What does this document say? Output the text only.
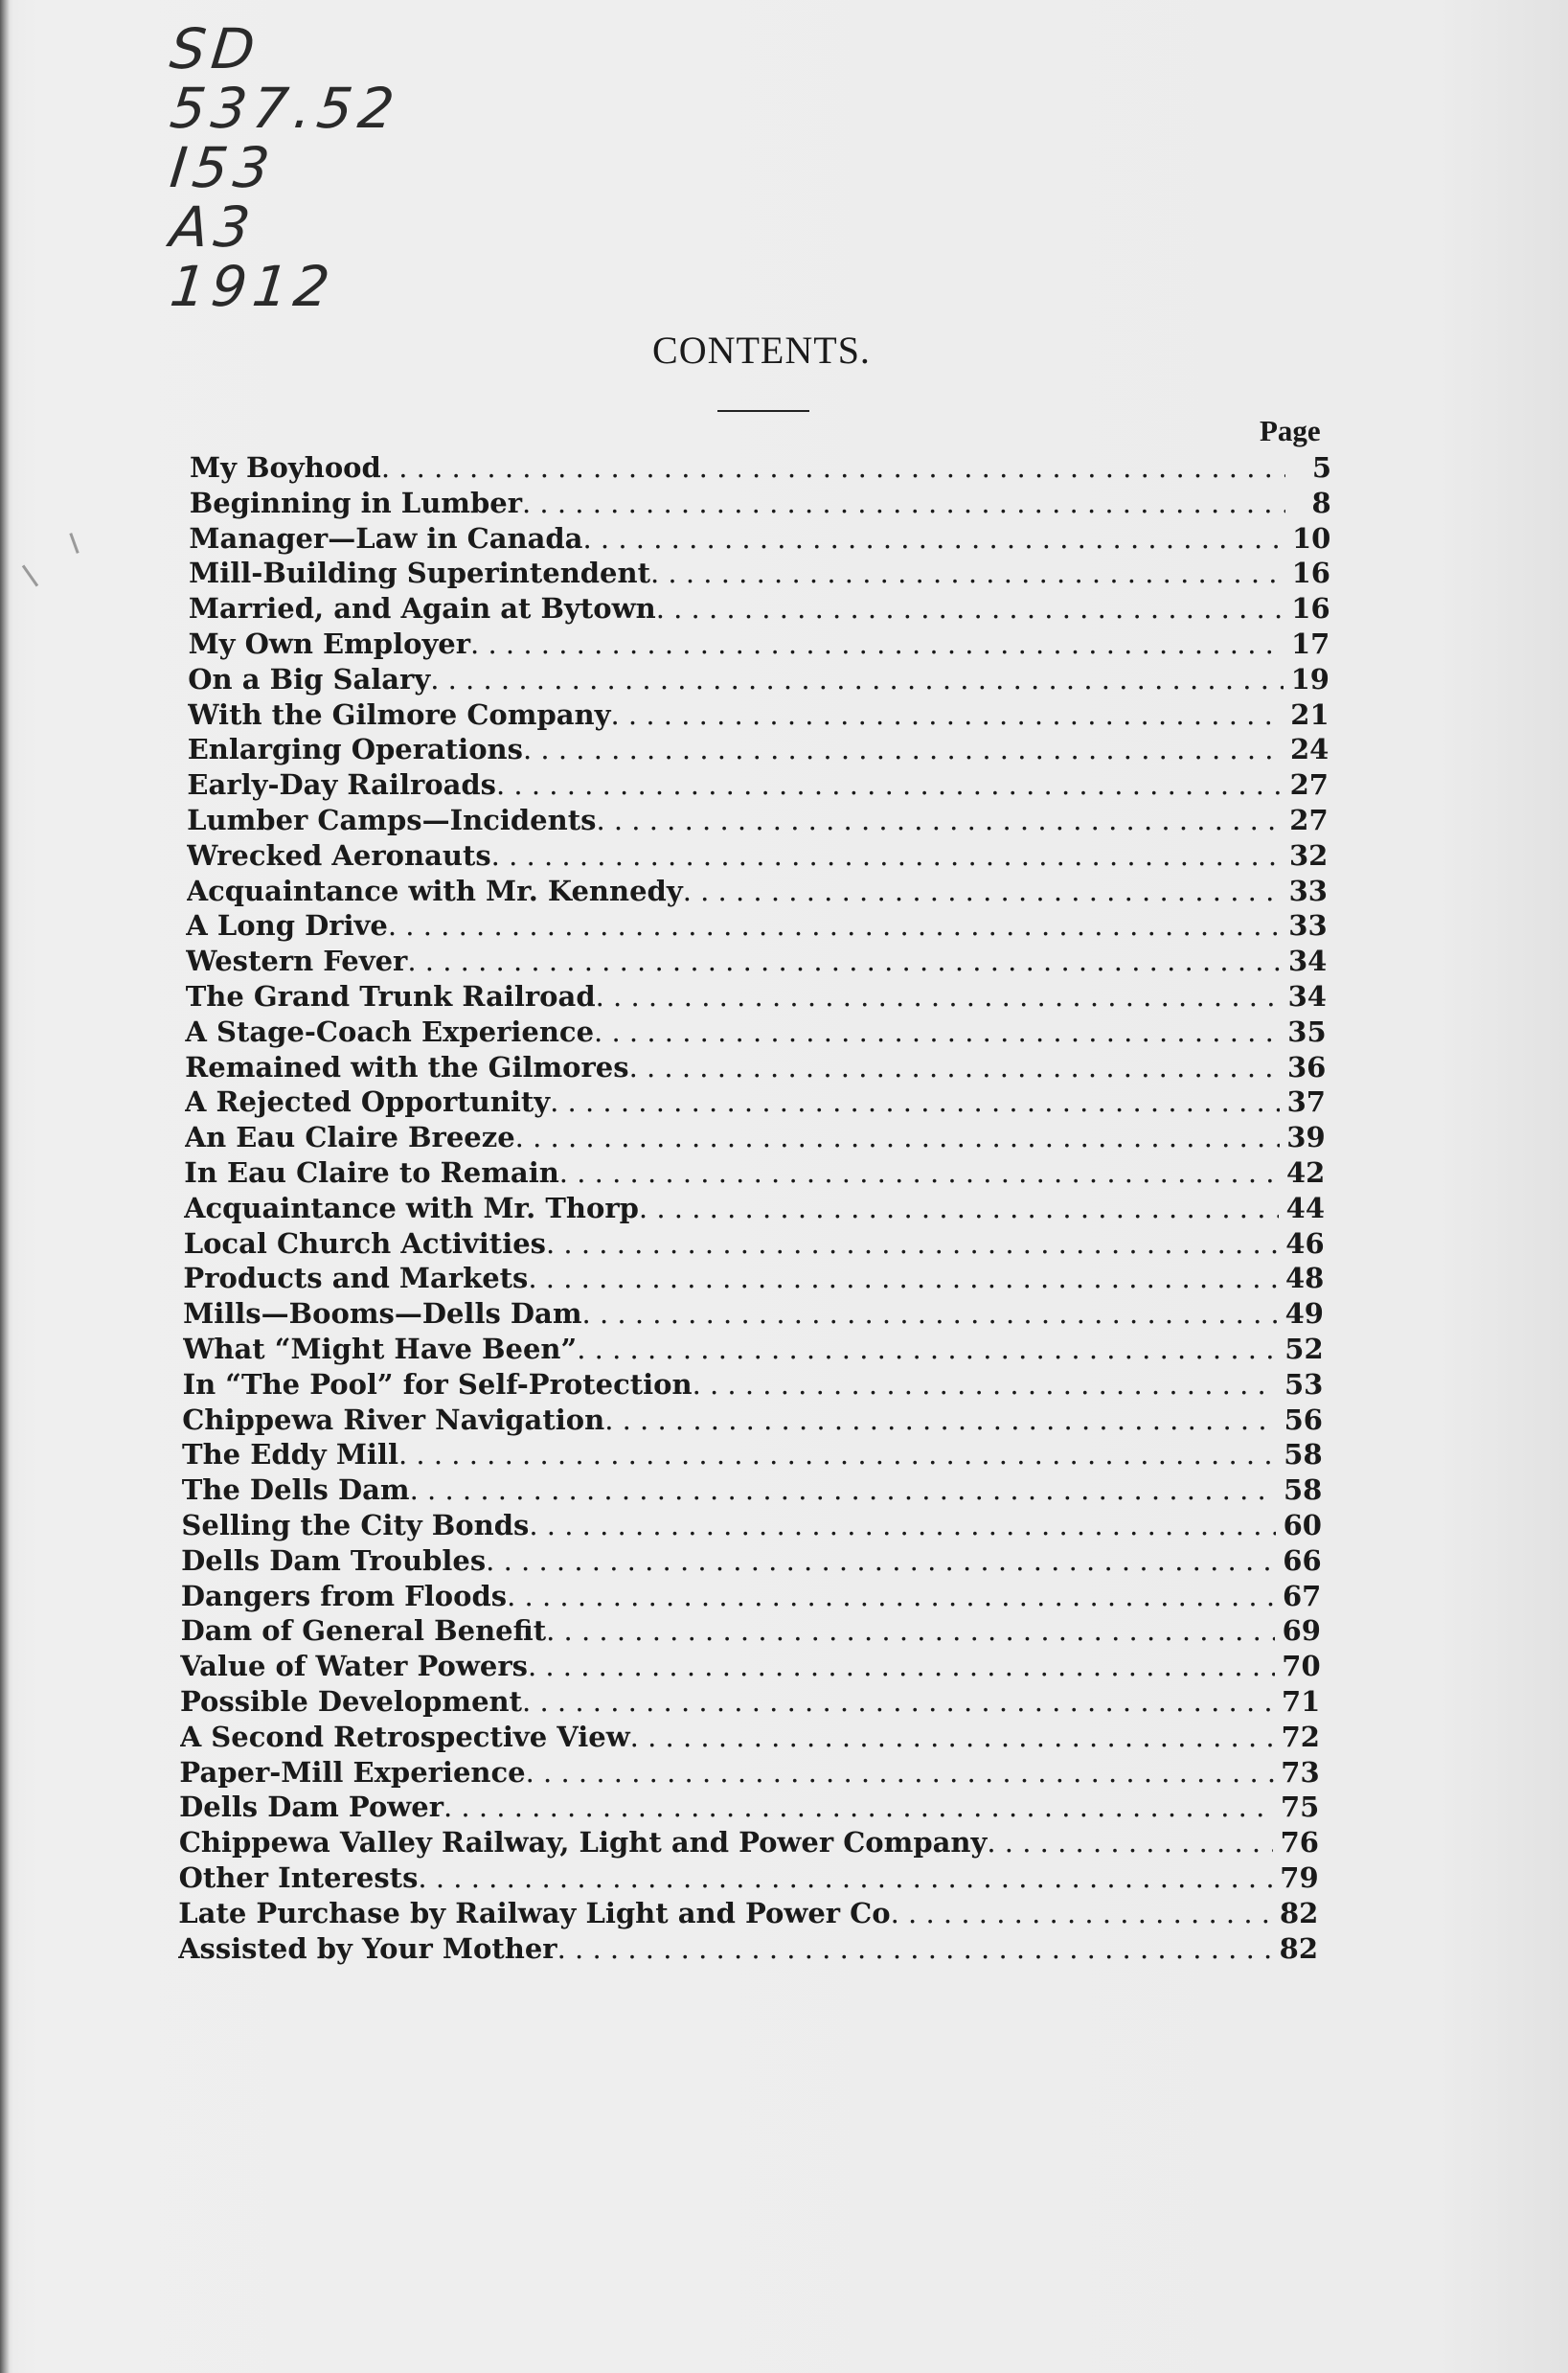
SD
537.52
I53
A3
1912
CONTENTS.
Page
My Boyhood . . .	5
Beginning in Lumber . . .	8
Manager—Law in Canada . . .	10
Mill-Building Superintendent . . .	16
Married, and Again at Bytown . . .	16
My Own Employer . . .	17
On a Big Salary . . .	19
With the Gilmore Company . . .	21
Enlarging Operations . . .	24
Early-Day Railroads . . .	27
Lumber Camps—Incidents . . .	27
Wrecked Aeronauts . . .	32
Acquaintance with Mr. Kennedy . . .	33
A Long Drive . . .	33
Western Fever . . .	34
The Grand Trunk Railroad . . .	34
A Stage-Coach Experience . . .	35
Remained with the Gilmores . . .	36
A Rejected Opportunity . . .	37
An Eau Claire Breeze . . .	39
In Eau Claire to Remain . . .	42
Acquaintance with Mr. Thorp . . .	44
Local Church Activities . . .	46
Products and Markets . . .	48
Mills—Booms—Dells Dam . . .	49
What “Might Have Been” . . .	52
In “The Pool” for Self-Protection . . .	53
Chippewa River Navigation . . .	56
The Eddy Mill . . .	58
The Dells Dam . . .	58
Selling the City Bonds . . .	60
Dells Dam Troubles . . .	66
Dangers from Floods . . .	67
Dam of General Benefit . . .	69
Value of Water Powers . . .	70
Possible Development . . .	71
A Second Retrospective View . . .	72
Paper-Mill Experience . . .	73
Dells Dam Power . . .	75
Chippewa Valley Railway, Light and Power Company . . .	76
Other Interests . . .	79
Late Purchase by Railway Light and Power Co . . .	82
Assisted by Your Mother . . .	82
